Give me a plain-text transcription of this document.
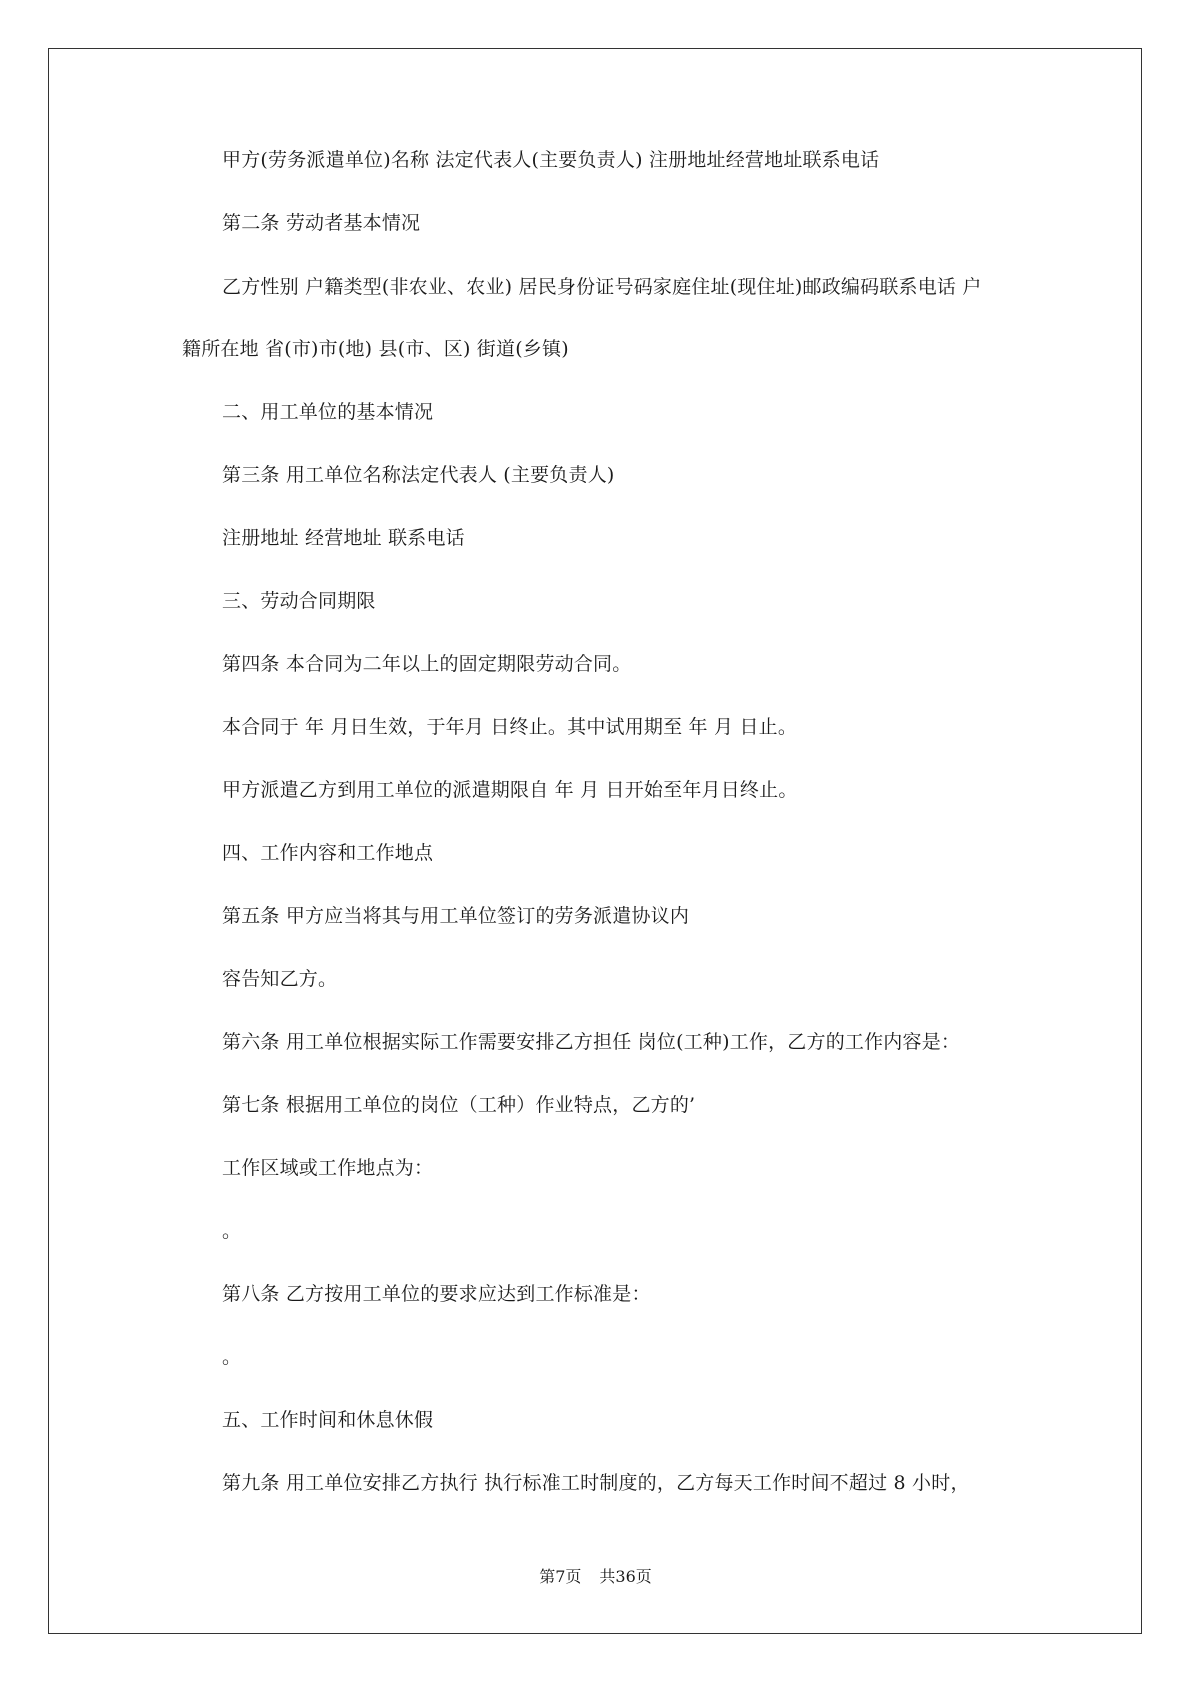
甲方(劳务派遣单位)名称 法定代表人(主要负责人) 注册地址经营地址联系电话
第二条 劳动者基本情况
乙方性别 户籍类型(非农业、农业) 居民身份证号码家庭住址(现住址)邮政编码联系电话 户
籍所在地 省(市)市(地) 县(市、区) 街道(乡镇)
二、用工单位的基本情况
第三条 用工单位名称法定代表人 (主要负责人)
注册地址 经营地址 联系电话
三、劳动合同期限
第四条 本合同为二年以上的固定期限劳动合同。
本合同于 年 月日生效，于年月 日终止。其中试用期至 年 月 日止。
甲方派遣乙方到用工单位的派遣期限自 年 月 日开始至年月日终止。
四、工作内容和工作地点
第五条 甲方应当将其与用工单位签订的劳务派遣协议内
容告知乙方。
第六条 用工单位根据实际工作需要安排乙方担任 岗位(工种)工作，乙方的工作内容是：
第七条 根据用工单位的岗位（工种）作业特点，乙方的’
工作区域或工作地点为：
。
第八条 乙方按用工单位的要求应达到工作标准是：
。
五、工作时间和休息休假
第九条 用工单位安排乙方执行 执行标准工时制度的，乙方每天工作时间不超过 8 小时，
第7页 共36页
